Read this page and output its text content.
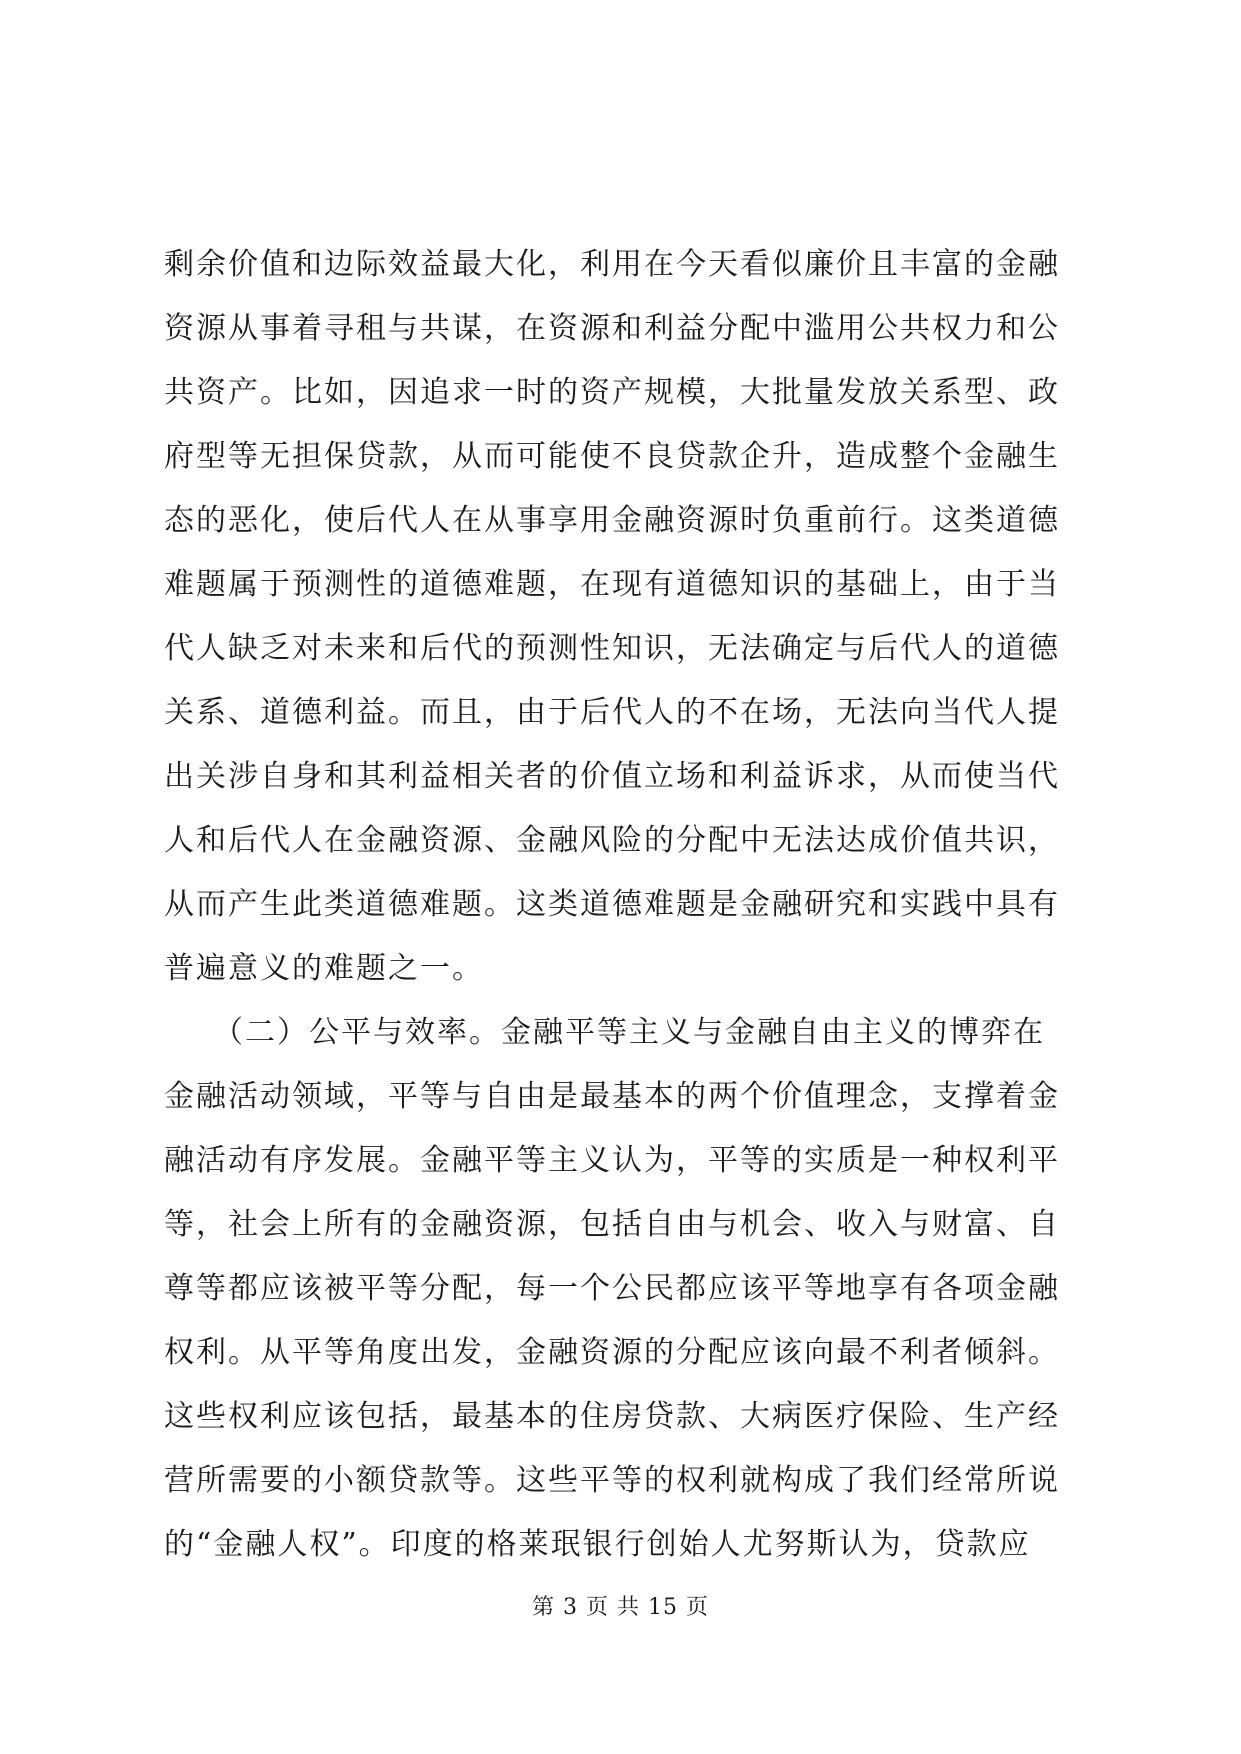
剩余价值和边际效益最大化，利用在今天看似廉价且丰富的金融
资源从事着寻租与共谋，在资源和利益分配中滥用公共权力和公
共资产。比如，因追求一时的资产规模，大批量发放关系型、政
府型等无担保贷款，从而可能使不良贷款企升，造成整个金融生
态的恶化，使后代人在从事享用金融资源时负重前行。这类道德
难题属于预测性的道德难题，在现有道德知识的基础上，由于当
代人缺乏对未来和后代的预测性知识，无法确定与后代人的道德
关系、道德利益。而且，由于后代人的不在场，无法向当代人提
出关涉自身和其利益相关者的价值立场和利益诉求，从而使当代
人和后代人在金融资源、金融风险的分配中无法达成价值共识，
从而产生此类道德难题。这类道德难题是金融研究和实践中具有
普遍意义的难题之一。
　　（二）公平与效率。金融平等主义与金融自由主义的博弈在
金融活动领域，平等与自由是最基本的两个价值理念，支撑着金
融活动有序发展。金融平等主义认为，平等的实质是一种权利平
等，社会上所有的金融资源，包括自由与机会、收入与财富、自
尊等都应该被平等分配，每一个公民都应该平等地享有各项金融
权利。从平等角度出发，金融资源的分配应该向最不利者倾斜。
这些权利应该包括，最基本的住房贷款、大病医疗保险、生产经
营所需要的小额贷款等。这些平等的权利就构成了我们经常所说
的“金融人权”。印度的格莱珉银行创始人尤努斯认为，贷款应
第 3 页 共 15 页
